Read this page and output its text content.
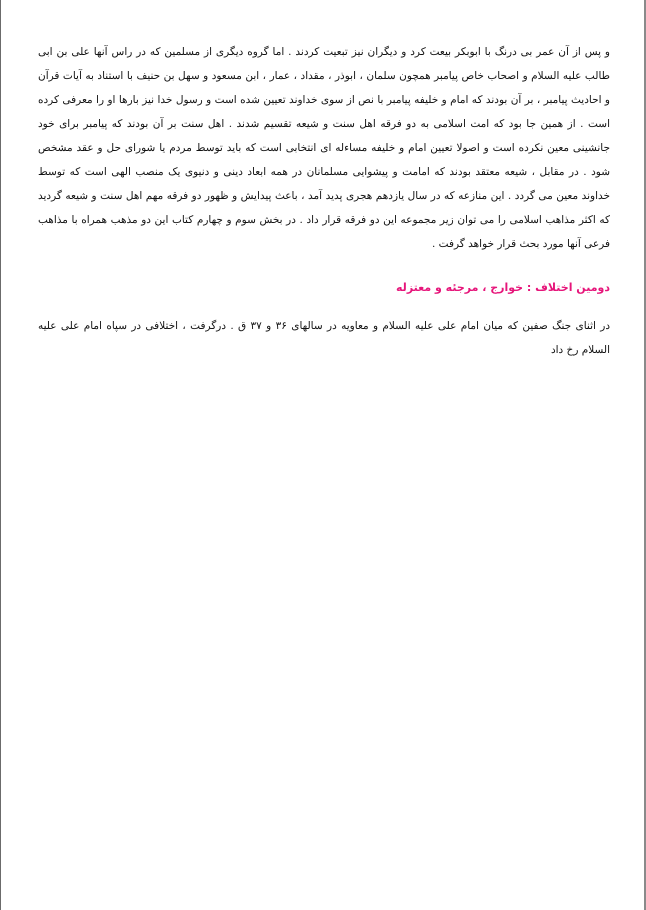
و پس از آن عمر بی درنگ با ابوبکر بیعت کرد و دیگران نیز تبعیت کردند . اما گروه دیگری از مسلمین که در راس آنها علی بن ابی طالب علیه السلام و اصحاب خاص پیامبر همچون سلمان ، ابوذر ، مقداد ، عمار ، ابن مسعود و سهل بن حنیف با استناد به آیات قرآن و احادیث پیامبر ، بر آن بودند که امام و خلیفه پیامبر با نص از سوی خداوند تعیین شده است و رسول خدا نیز بارها او را معرفی کرده است . از همین جا بود که امت اسلامی به دو فرقه اهل سنت و شیعه تقسیم شدند . اهل سنت بر آن بودند که پیامبر برای خود جانشینی معین نکرده است و اصولا تعیین امام و خلیفه مساءله ای انتخابی است که باید توسط مردم یا شورای حل و عقد مشخص شود . در مقابل ، شیعه معتقد بودند که امامت و پیشوایی مسلمانان در همه ابعاد دینی و دنیوی یک منصب الهی است که توسط خداوند معین می گردد . این منازعه که در سال یازدهم هجری پدید آمد ، باعث پیدایش و ظهور دو فرقه مهم اهل سنت و شیعه گردید که اکثر مذاهب اسلامی را می توان زیر مجموعه این دو فرقه قرار داد . در بخش سوم و چهارم کتاب این دو مذهب همراه با مذاهب فرعی آنها مورد بحث قرار خواهد گرفت .

دومین اختلاف : خوارج ، مرجئه و معتزله

در اثنای جنگ صفین که میان امام علی علیه السلام و معاویه در سالهای ۳۶ و ۳۷ ق . درگرفت ، اختلافی در سپاه امام علی علیه السلام رخ داد
